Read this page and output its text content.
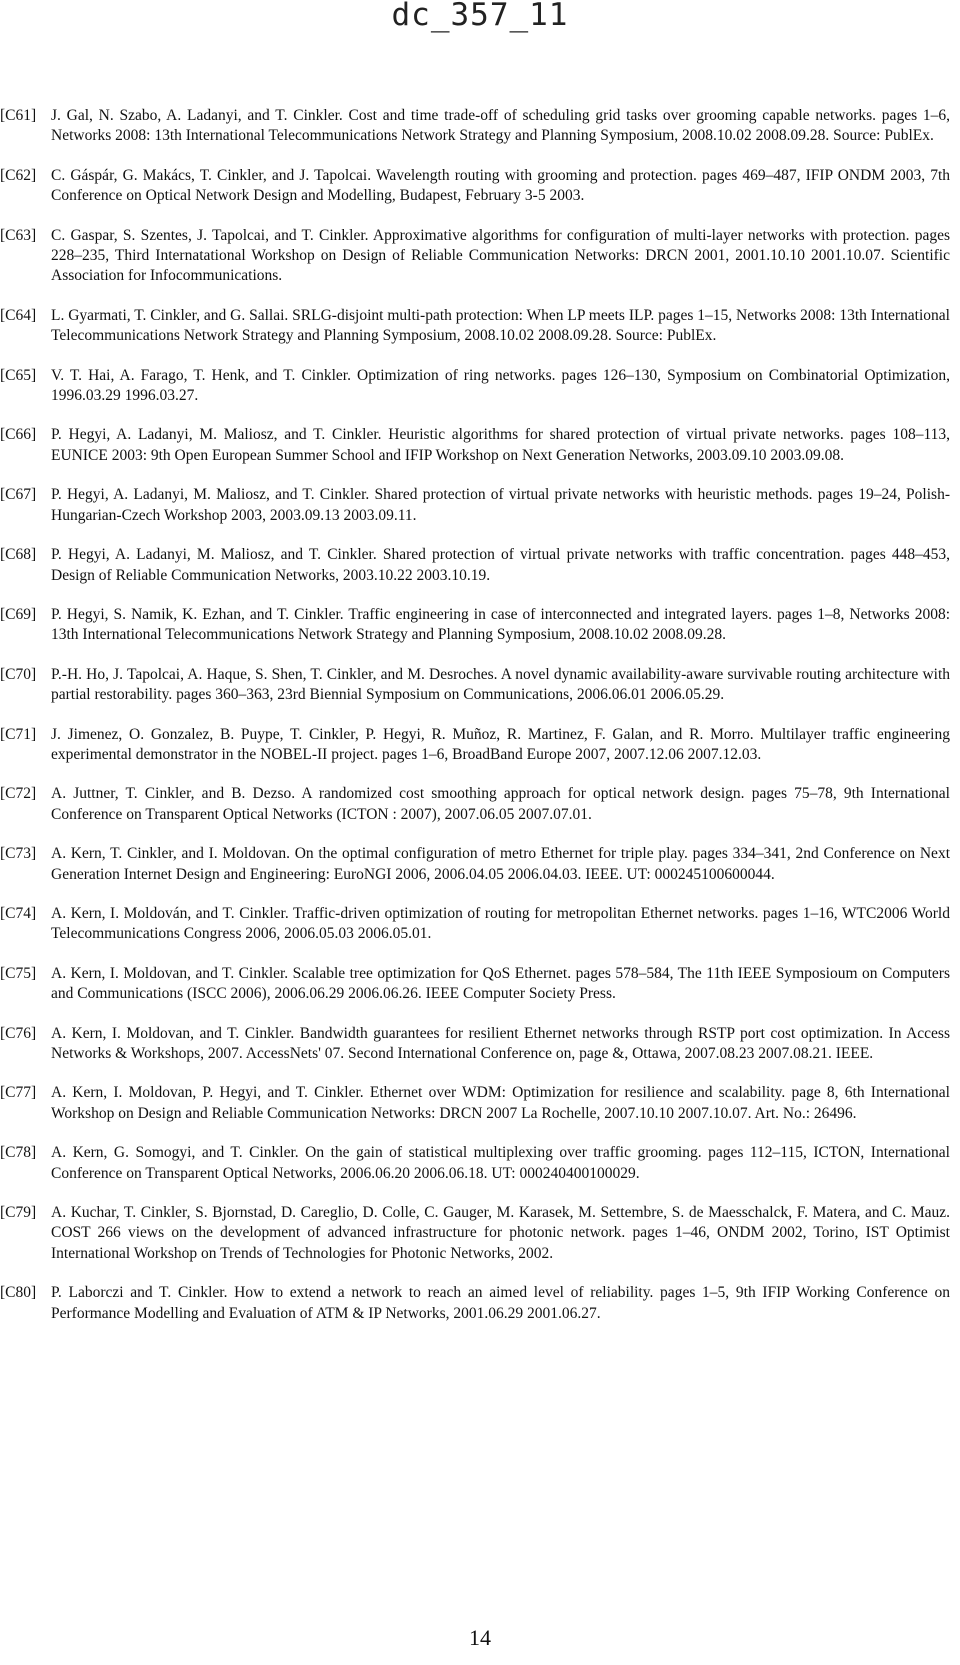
dc_357_11
[C61] J. Gal, N. Szabo, A. Ladanyi, and T. Cinkler. Cost and time trade-off of scheduling grid tasks over grooming capable networks. pages 1–6, Networks 2008: 13th International Telecommunications Network Strategy and Planning Symposium, 2008.10.02 2008.09.28. Source: PublEx.
[C62] C. Gáspár, G. Makács, T. Cinkler, and J. Tapolcai. Wavelength routing with grooming and protection. pages 469–487, IFIP ONDM 2003, 7th Conference on Optical Network Design and Modelling, Budapest, February 3-5 2003.
[C63] C. Gaspar, S. Szentes, J. Tapolcai, and T. Cinkler. Approximative algorithms for configuration of multi-layer networks with protection. pages 228–235, Third Internatational Workshop on Design of Reliable Communication Networks: DRCN 2001, 2001.10.10 2001.10.07. Scientific Association for Infocommunications.
[C64] L. Gyarmati, T. Cinkler, and G. Sallai. SRLG-disjoint multi-path protection: When LP meets ILP. pages 1–15, Networks 2008: 13th International Telecommunications Network Strategy and Planning Symposium, 2008.10.02 2008.09.28. Source: PublEx.
[C65] V. T. Hai, A. Farago, T. Henk, and T. Cinkler. Optimization of ring networks. pages 126–130, Symposium on Combinatorial Optimization, 1996.03.29 1996.03.27.
[C66] P. Hegyi, A. Ladanyi, M. Maliosz, and T. Cinkler. Heuristic algorithms for shared protection of virtual private networks. pages 108–113, EUNICE 2003: 9th Open European Summer School and IFIP Workshop on Next Generation Networks, 2003.09.10 2003.09.08.
[C67] P. Hegyi, A. Ladanyi, M. Maliosz, and T. Cinkler. Shared protection of virtual private networks with heuristic methods. pages 19–24, Polish-Hungarian-Czech Workshop 2003, 2003.09.13 2003.09.11.
[C68] P. Hegyi, A. Ladanyi, M. Maliosz, and T. Cinkler. Shared protection of virtual private networks with traffic concentration. pages 448–453, Design of Reliable Communication Networks, 2003.10.22 2003.10.19.
[C69] P. Hegyi, S. Namik, K. Ezhan, and T. Cinkler. Traffic engineering in case of interconnected and integrated layers. pages 1–8, Networks 2008: 13th International Telecommunications Network Strategy and Planning Symposium, 2008.10.02 2008.09.28.
[C70] P.-H. Ho, J. Tapolcai, A. Haque, S. Shen, T. Cinkler, and M. Desroches. A novel dynamic availability-aware survivable routing architecture with partial restorability. pages 360–363, 23rd Biennial Symposium on Communications, 2006.06.01 2006.05.29.
[C71] J. Jimenez, O. Gonzalez, B. Puype, T. Cinkler, P. Hegyi, R. Muñoz, R. Martinez, F. Galan, and R. Morro. Multilayer traffic engineering experimental demonstrator in the NOBEL-II project. pages 1–6, BroadBand Europe 2007, 2007.12.06 2007.12.03.
[C72] A. Juttner, T. Cinkler, and B. Dezso. A randomized cost smoothing approach for optical network design. pages 75–78, 9th International Conference on Transparent Optical Networks (ICTON : 2007), 2007.06.05 2007.07.01.
[C73] A. Kern, T. Cinkler, and I. Moldovan. On the optimal configuration of metro Ethernet for triple play. pages 334–341, 2nd Conference on Next Generation Internet Design and Engineering: EuroNGI 2006, 2006.04.05 2006.04.03. IEEE. UT: 000245100600044.
[C74] A. Kern, I. Moldován, and T. Cinkler. Traffic-driven optimization of routing for metropolitan Ethernet networks. pages 1–16, WTC2006 World Telecommunications Congress 2006, 2006.05.03 2006.05.01.
[C75] A. Kern, I. Moldovan, and T. Cinkler. Scalable tree optimization for QoS Ethernet. pages 578–584, The 11th IEEE Symposioum on Computers and Communications (ISCC 2006), 2006.06.29 2006.06.26. IEEE Computer Society Press.
[C76] A. Kern, I. Moldovan, and T. Cinkler. Bandwidth guarantees for resilient Ethernet networks through RSTP port cost optimization. In Access Networks & Workshops, 2007. AccessNets' 07. Second International Conference on, page &, Ottawa, 2007.08.23 2007.08.21. IEEE.
[C77] A. Kern, I. Moldovan, P. Hegyi, and T. Cinkler. Ethernet over WDM: Optimization for resilience and scalability. page 8, 6th International Workshop on Design and Reliable Communication Networks: DRCN 2007 La Rochelle, 2007.10.10 2007.10.07. Art. No.: 26496.
[C78] A. Kern, G. Somogyi, and T. Cinkler. On the gain of statistical multiplexing over traffic grooming. pages 112–115, ICTON, International Conference on Transparent Optical Networks, 2006.06.20 2006.06.18. UT: 000240400100029.
[C79] A. Kuchar, T. Cinkler, S. Bjornstad, D. Careglio, D. Colle, C. Gauger, M. Karasek, M. Settembre, S. de Maesschalck, F. Matera, and C. Mauz. COST 266 views on the development of advanced infrastructure for photonic network. pages 1–46, ONDM 2002, Torino, IST Optimist International Workshop on Trends of Technologies for Photonic Networks, 2002.
[C80] P. Laborczi and T. Cinkler. How to extend a network to reach an aimed level of reliability. pages 1–5, 9th IFIP Working Conference on Performance Modelling and Evaluation of ATM & IP Networks, 2001.06.29 2001.06.27.
14
